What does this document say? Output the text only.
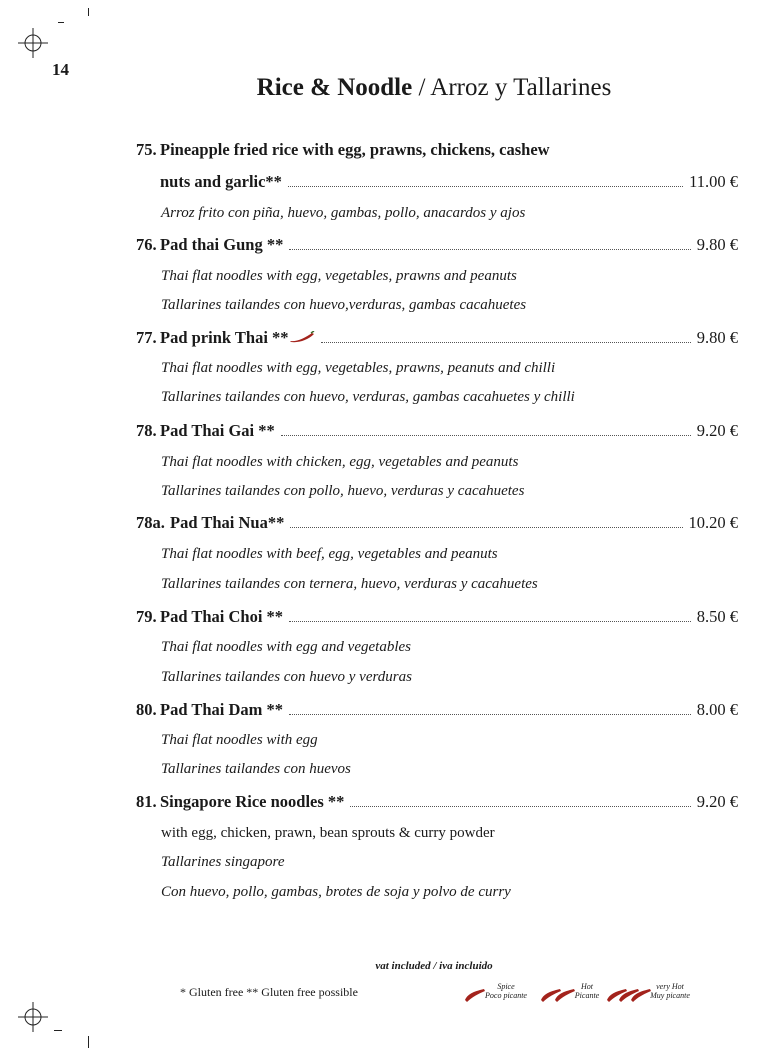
14
Rice & Noodle / Arroz y Tallarines
75. Pineapple fried rice with egg, prawns, chickens, cashew
nuts and garlic**	11.00 €
Arroz frito con piña, huevo, gambas, pollo, anacardos y ajos
76. Pad thai Gung **	9.80 €
Thai flat noodles with egg, vegetables, prawns and peanuts
Tallarines tailandes con huevo,verduras, gambas cacahuetes
77. Pad prink Thai **	9.80 €
Thai flat noodles with egg, vegetables, prawns, peanuts and chilli
Tallarines tailandes con huevo, verduras, gambas cacahuetes y chilli
78. Pad Thai Gai **	9.20 €
Thai flat noodles with chicken, egg, vegetables and peanuts
Tallarines tailandes con pollo, huevo, verduras y cacahuetes
78a. Pad Thai Nua**	10.20 €
Thai flat noodles with beef, egg, vegetables and peanuts
Tallarines tailandes con ternera, huevo, verduras y cacahuetes
79. Pad Thai Choi **	8.50 €
Thai flat noodles with egg and vegetables
Tallarines tailandes con huevo y verduras
80. Pad Thai Dam **	8.00 €
Thai flat noodles with egg
Tallarines tailandes con huevos
81. Singapore Rice noodles **	9.20 €
with egg, chicken, prawn, bean sprouts & curry powder
Tallarines singapore
Con huevo, pollo, gambas, brotes de soja y polvo de curry
vat included / iva incluido
* Gluten free ** Gluten free possible	Spice
Poco picante
Hot
Picante
very Hot
Muy picante
